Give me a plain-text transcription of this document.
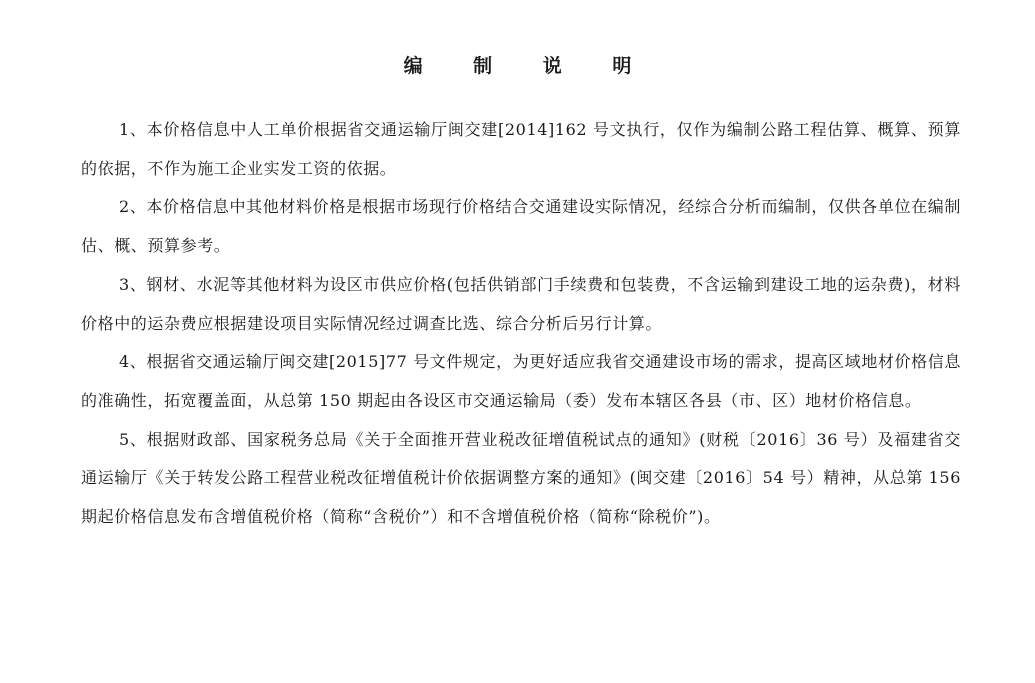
编 制 说 明

1、本价格信息中人工单价根据省交通运输厅闽交建[2014]162 号文执行，仅作为编制公路工程估算、概算、预算的依据，不作为施工企业实发工资的依据。

2、本价格信息中其他材料价格是根据市场现行价格结合交通建设实际情况，经综合分析而编制，仅供各单位在编制估、概、预算参考。

3、钢材、水泥等其他材料为设区市供应价格(包括供销部门手续费和包装费，不含运输到建设工地的运杂费)，材料价格中的运杂费应根据建设项目实际情况经过调查比选、综合分析后另行计算。

4、根据省交通运输厅闽交建[2015]77 号文件规定，为更好适应我省交通建设市场的需求，提高区域地材价格信息的准确性，拓宽覆盖面，从总第 150 期起由各设区市交通运输局（委）发布本辖区各县（市、区）地材价格信息。

5、根据财政部、国家税务总局《关于全面推开营业税改征增值税试点的通知》(财税〔2016〕36 号）及福建省交通运输厅《关于转发公路工程营业税改征增值税计价依据调整方案的通知》(闽交建〔2016〕54 号）精神，从总第 156 期起价格信息发布含增值税价格（简称“含税价”）和不含增值税价格（简称“除税价”)。
